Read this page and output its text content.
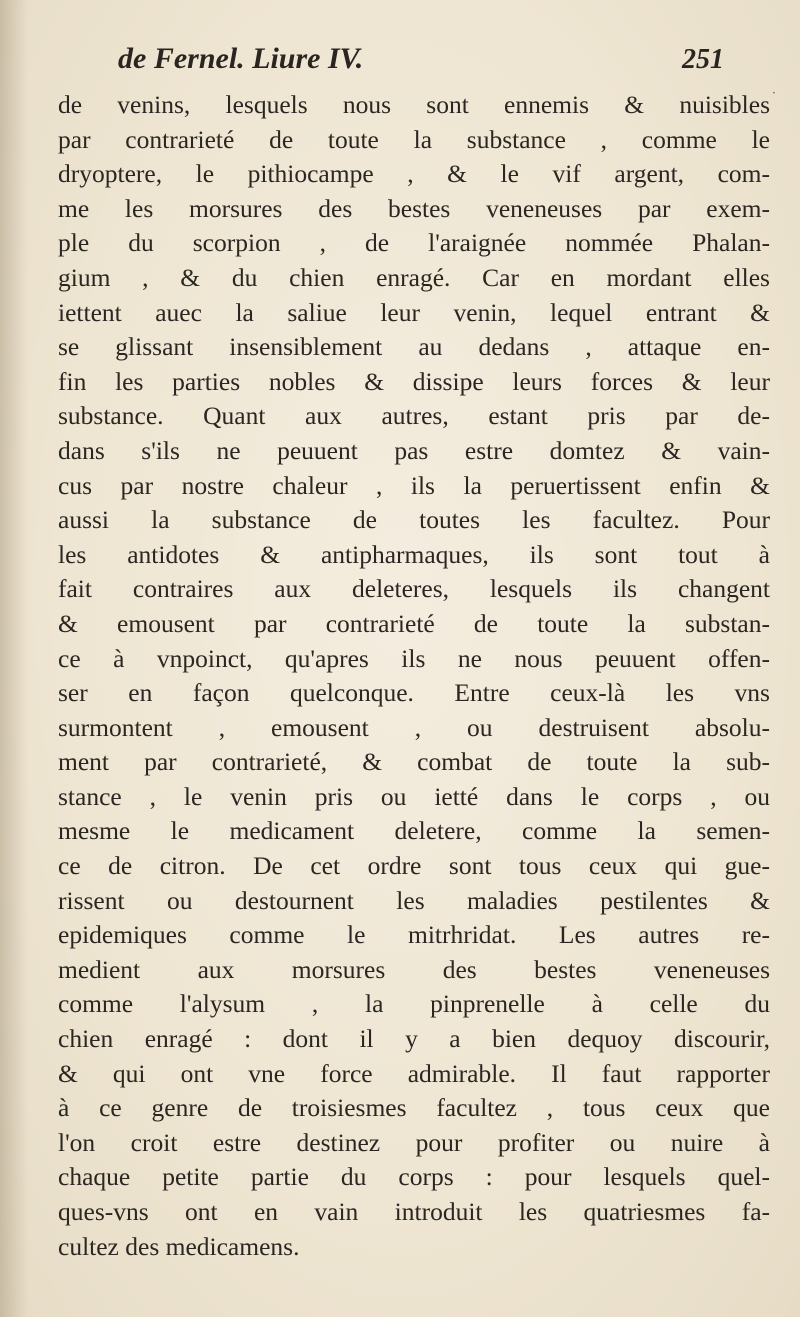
de Fernel. Liure IV.	251
·
de venins, lesquels nous sont ennemis & nuisibles
par contrarieté de toute la substance , comme le
dryoptere, le pithiocampe , & le vif argent, com-
me les morsures des bestes veneneuses par exem-
ple du scorpion , de l'araignée nommée Phalan-
gium , & du chien enragé. Car en mordant elles
iettent auec la saliue leur venin, lequel entrant &
se glissant insensiblement au dedans , attaque en-
fin les parties nobles & dissipe leurs forces & leur
substance. Quant aux autres, estant pris par de-
dans s'ils ne peuuent pas estre domtez & vain-
cus par nostre chaleur , ils la peruertissent enfin &
aussi la substance de toutes les facultez. Pour
les antidotes & antipharmaques, ils sont tout à
fait contraires aux deleteres, lesquels ils changent
& emousent par contrarieté de toute la substan-
ce à vnpoinct, qu'apres ils ne nous peuuent offen-
ser en façon quelconque. Entre ceux-là les vns
surmontent , emousent , ou destruisent absolu-
ment par contrarieté, & combat de toute la sub-
stance , le venin pris ou ietté dans le corps , ou
mesme le medicament deletere, comme la semen-
ce de citron. De cet ordre sont tous ceux qui gue-
rissent ou destournent les maladies pestilentes &
epidemiques comme le mitrhridat. Les autres re-
medient aux morsures des bestes veneneuses
comme l'alysum , la pinprenelle à celle du
chien enragé : dont il y a bien dequoy discourir,
& qui ont vne force admirable. Il faut rapporter
à ce genre de troisiesmes facultez , tous ceux que
l'on croit estre destinez pour profiter ou nuire à
chaque petite partie du corps : pour lesquels quel-
ques-vns ont en vain introduit les quatriesmes fa-
cultez des medicamens.
